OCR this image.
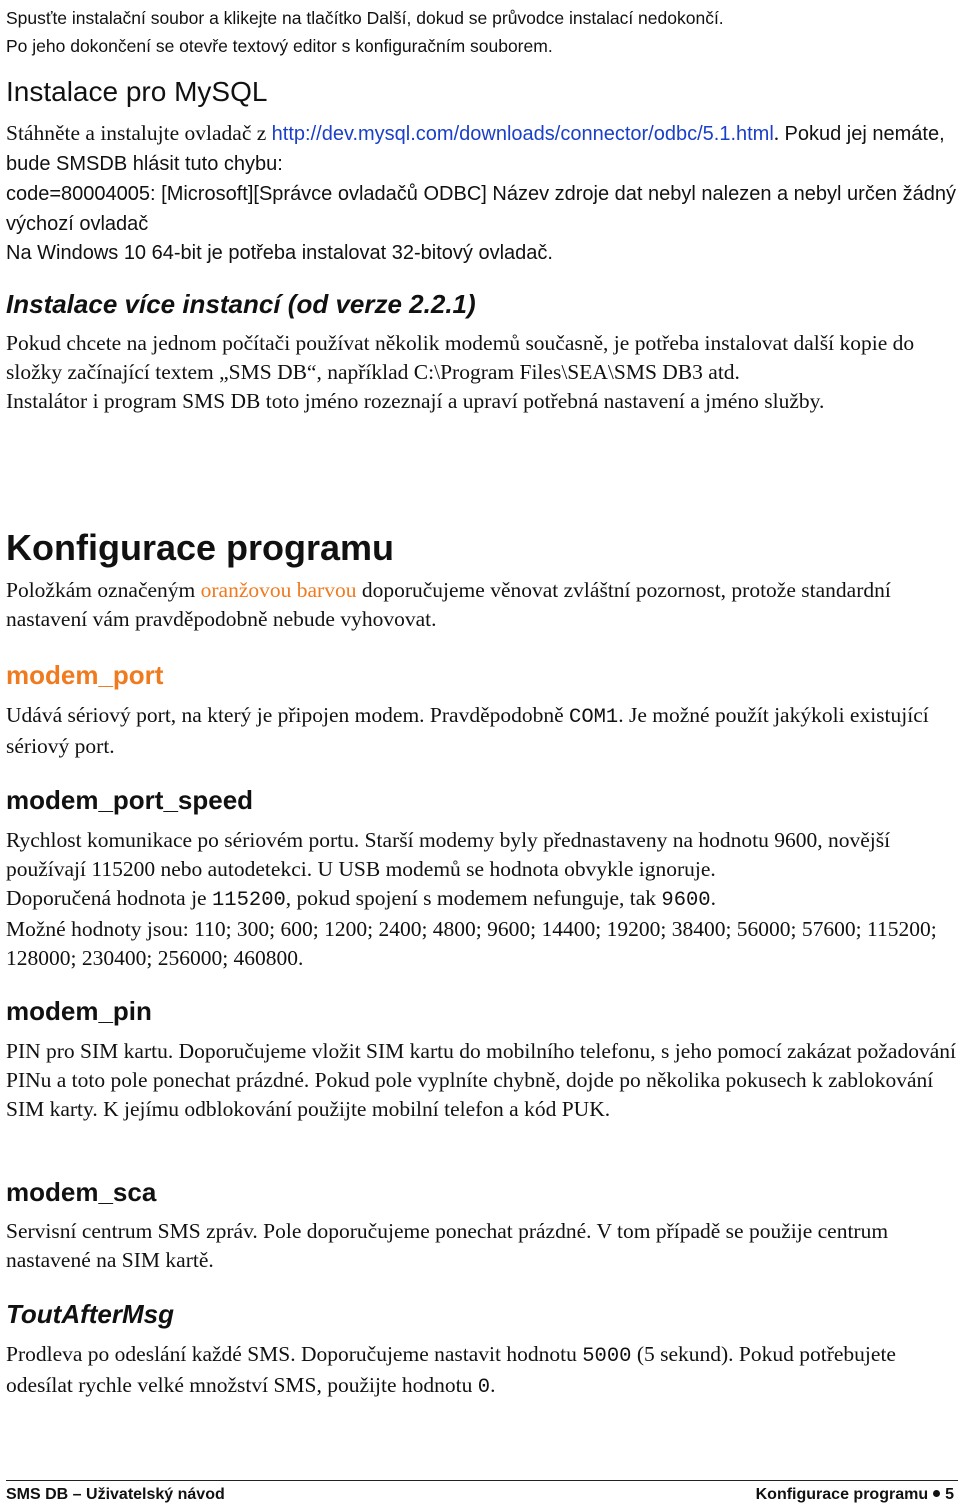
Spusťte instalační soubor a klikejte na tlačítko Další, dokud se průvodce instalací nedokončí.
Po jeho dokončení se otevře textový editor s konfiguračním souborem.
Instalace pro MySQL
Stáhněte a instalujte ovladač z http://dev.mysql.com/downloads/connector/odbc/5.1.html. Pokud jej nemáte, bude SMSDB hlásit tuto chybu:
code=80004005: [Microsoft][Správce ovladačů ODBC] Název zdroje dat nebyl nalezen a nebyl určen žádný výchozí ovladač
Na Windows 10 64-bit je potřeba instalovat 32-bitový ovladač.
Instalace více instancí (od verze 2.2.1)
Pokud chcete na jednom počítači používat několik modemů současně, je potřeba instalovat další kopie do složky začínající textem „SMS DB“, například C:\Program Files\SEA\SMS DB3 atd.
Instalátor i program SMS DB toto jméno rozeznají a upraví potřebná nastavení a jméno služby.
Konfigurace programu
Položkám označeným oranžovou barvou doporučujeme věnovat zvláštní pozornost, protože standardní nastavení vám pravděpodobně nebude vyhovovat.
modem_port
Udává sériový port, na který je připojen modem. Pravděpodobně COM1. Je možné použít jakýkoli existující sériový port.
modem_port_speed
Rychlost komunikace po sériovém portu. Starší modemy byly přednastaveny na hodnotu 9600, novější používají 115200 nebo autodetekci. U USB modemů se hodnota obvykle ignoruje.
Doporučená hodnota je 115200, pokud spojení s modemem nefunguje, tak 9600.
Možné hodnoty jsou: 110; 300; 600; 1200; 2400; 4800; 9600; 14400; 19200; 38400; 56000; 57600; 115200; 128000; 230400; 256000; 460800.
modem_pin
PIN pro SIM kartu. Doporučujeme vložit SIM kartu do mobilního telefonu, s jeho pomocí zakázat požadování PINu a toto pole ponechat prázdné. Pokud pole vyplníte chybně, dojde po několika pokusech k zablokování SIM karty. K jejímu odblokování použijte mobilní telefon a kód PUK.
modem_sca
Servisní centrum SMS zpráv. Pole doporučujeme ponechat prázdné. V tom případě se použije centrum nastavené na SIM kartě.
ToutAfterMsg
Prodleva po odeslání každé SMS. Doporučujeme nastavit hodnotu 5000 (5 sekund). Pokud potřebujete odesílat rychle velké množství SMS, použijte hodnotu 0.
SMS DB – Uživatelský návod	Konfigurace programu 5
